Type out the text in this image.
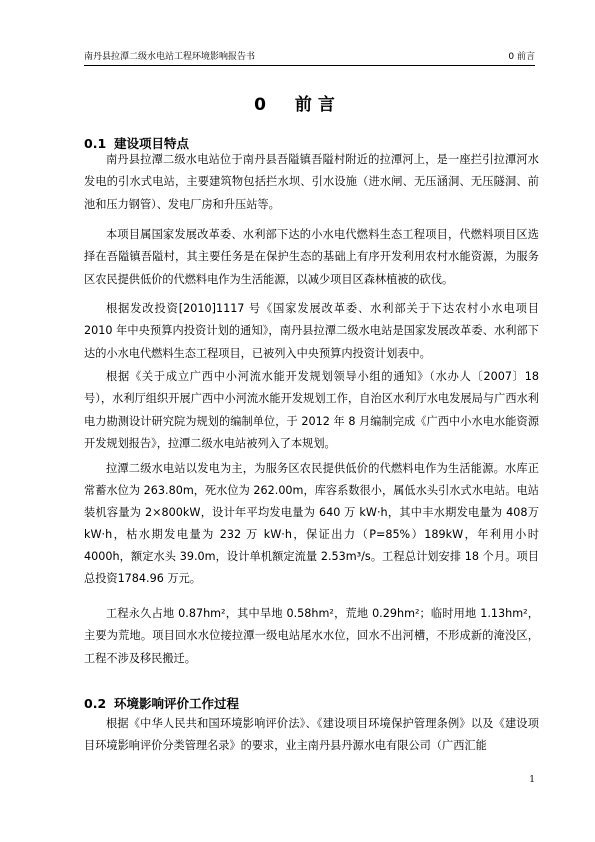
南丹县拉潭二级水电站工程环境影响报告书	0 前言
0　前言
0.1 建设项目特点

南丹县拉潭二级水电站位于南丹县吾隘镇吾隘村附近的拉潭河上，是一座拦引拉潭河水发电的引水式电站，主要建筑物包括拦水坝、引水设施（进水闸、无压涵洞、无压隧洞、前池和压力钢管）、发电厂房和升压站等。

本项目属国家发展改革委、水利部下达的小水电代燃料生态工程项目，代燃料项目区选择在吾隘镇吾隘村，其主要任务是在保护生态的基础上有序开发利用农村水能资源，为服务区农民提供低价的代燃料电作为生活能源，以减少项目区森林植被的砍伐。

根据发改投资[2010]1117 号《国家发展改革委、水利部关于下达农村小水电项目2010 年中央预算内投资计划的通知》，南丹县拉潭二级水电站是国家发展改革委、水利部下达的小水电代燃料生态工程项目，已被列入中央预算内投资计划表中。

根据《关于成立广西中小河流水能开发规划领导小组的通知》（水办人〔2007〕18号），水利厅组织开展广西中小河流水能开发规划工作，自治区水利厅水电发展局与广西水利电力勘测设计研究院为规划的编制单位，于 2012 年 8 月编制完成《广西中小水电水能资源开发规划报告》，拉潭二级水电站被列入了本规划。

拉潭二级水电站以发电为主，为服务区农民提供低价的代燃料电作为生活能源。水库正常蓄水位为 263.80m，死水位为 262.00m，库容系数很小，属低水头引水式水电站。电站装机容量为 2×800kW，设计年平均发电量为 640 万 kW·h，其中丰水期发电量为 408万 kW·h，枯水期发电量为 232 万 kW·h，保证出力（P=85%）189kW，年利用小时 4000h，额定水头 39.0m，设计单机额定流量 2.53m³/s。工程总计划安排 18 个月。项目总投资1784.96 万元。

工程永久占地 0.87hm²，其中旱地 0.58hm²，荒地 0.29hm²；临时用地 1.13hm²，主要为荒地。项目回水水位接拉潭一级电站尾水水位，回水不出河槽，不形成新的淹没区，工程不涉及移民搬迁。

0.2 环境影响评价工作过程

根据《中华人民共和国环境影响评价法》、《建设项目环境保护管理条例》以及《建设项目环境影响评价分类管理名录》的要求，业主南丹县丹源水电有限公司（广西汇能

1
